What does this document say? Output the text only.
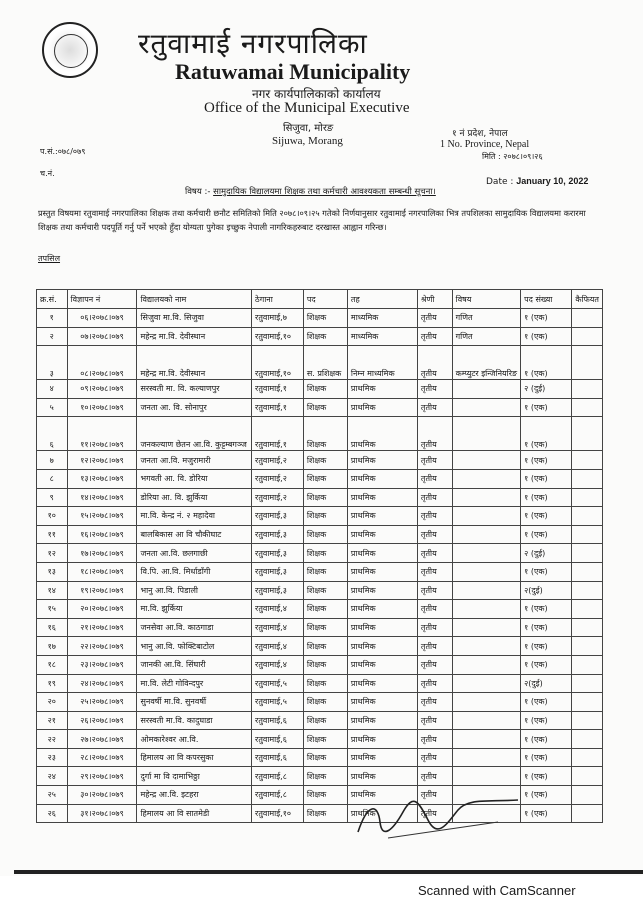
रतुवामाई नगरपालिका
Ratuwamai Municipality
नगर कार्यपालिकाको कार्यालय
Office of the Municipal Executive
सिजुवा, मोरङ
Sijuwa, Morang
१ नं प्रदेश, नेपाल
1 No. Province, Nepal
मिति : २०७८।०९।२६
प.सं.:०७८/०७९
च.नं.
Date : January 10, 2022
विषय :- सामुदायिक विद्यालयमा शिक्षक तथा कर्मचारी आवश्यकता सम्बन्धी सूचना।
प्रस्तुत विषयमा रतुवामाई नगरपालिका शिक्षक तथा कर्मचारी छनौट समितिको मिति २०७८।०९।२५ गतेको निर्णयानुसार रतुवामाई नगरपालिका भित्र तपशिलका सामुदायिक विद्यालयमा करारमा शिक्षक तथा कर्मचारी पदपूर्ति गर्नु पर्ने भएको हुँदा योग्यता पुगेका इच्छुक नेपाली नागरिकहरुबाट दरखास्त आह्वान गरिन्छ।
तपसिल
क्र.सं.	विज्ञापन नं	विद्यालयको नाम	ठेगाना	पद	तह	श्रेणी	विषय	पद संख्या	कैफियत
१	०६।२०७८।०७९	सिजुवा मा.वि. सिजुवा	रतुवामाई,७	शिक्षक	माध्यमिक	तृतीय	गणित	१ (एक)	
२	०७।२०७८।०७९	महेन्द्र मा.वि. देवीस्थान	रतुवामाई,१०	शिक्षक	माध्यमिक	तृतीय	गणित	१ (एक)	
३	०८।२०७८।०७९	महेन्द्र मा.वि. देवीस्थान	रतुवामाई,१०	स. प्रशिक्षक	निम्न माध्यमिक	तृतीय	कम्प्युटर इन्जिनियरिङ	१ (एक)	
४	०९।२०७८।०७९	सरस्वती मा. वि. कल्याणपुर	रतुवामाई,१	शिक्षक	प्राथमिक	तृतीय		२ (दुई)	
५	१०।२०७८।०७९	जनता आ. वि. सोनापुर	रतुवामाई,१	शिक्षक	प्राथमिक	तृतीय		१ (एक)	
६	११।२०७८।०७९	जनकल्याण छेतन आ.वि. कुट्टम्बगञ्ज	रतुवामाई,१	शिक्षक	प्राथमिक	तृतीय		१ (एक)	
७	१२।२०७८।०७९	जनता आ.वि. मजुरामारी	रतुवामाई,२	शिक्षक	प्राथमिक	तृतीय		१ (एक)	
८	१३।२०७८।०७९	भगवती आ. वि. डोरिया	रतुवामाई,२	शिक्षक	प्राथमिक	तृतीय		१ (एक)	
९	१४।२०७८।०७९	डोरिया आ. वि. झुर्किया	रतुवामाई,२	शिक्षक	प्राथमिक	तृतीय		१ (एक)	
१०	१५।२०७८।०७९	मा.वि. केन्द्र नं. २ महादेवा	रतुवामाई,३	शिक्षक	प्राथमिक	तृतीय		१ (एक)	
११	१६।२०७८।०७९	बालबिकास आ वि चौकीघाट	रतुवामाई,३	शिक्षक	प्राथमिक	तृतीय		१ (एक)	
१२	१७।२०७८।०७९	जनता आ.वि. छलगाछी	रतुवामाई,३	शिक्षक	प्राथमिक	तृतीय		२ (दुई)	
१३	१८।२०७८।०७९	वि.पि. आ.वि. मिर्धाडाँगी	रतुवामाई,३	शिक्षक	प्राथमिक	तृतीय		१ (एक)	
१४	१९।२०७८।०७९	भानु आ.वि. पिडाली	रतुवामाई,३	शिक्षक	प्राथमिक	तृतीय		२(दुई)	
१५	२०।२०७८।०७९	मा.वि. झुर्किया	रतुवामाई,४	शिक्षक	प्राथमिक	तृतीय		१ (एक)	
१६	२१।२०७८।०७९	जनसेवा आ.वि. काठगाडा	रतुवामाई,४	शिक्षक	प्राथमिक	तृतीय		१ (एक)	
१७	२२।२०७८।०७९	भानु आ.वि. फोक्टिबाटोल	रतुवामाई,४	शिक्षक	प्राथमिक	तृतीय		१ (एक)	
१८	२३।२०७८।०७९	जानकी आ.वि. सिंघारी	रतुवामाई,४	शिक्षक	प्राथमिक	तृतीय		१ (एक)	
१९	२४।२०७८।०७९	मा.वि. लेटी गोविन्दपुर	रतुवामाई,५	शिक्षक	प्राथमिक	तृतीय		२(दुई)	
२०	२५।२०७८।०७९	सुनवर्षी मा.वि. सुनवर्षी	रतुवामाई,५	शिक्षक	प्राथमिक	तृतीय		१ (एक)	
२१	२६।२०७८।०७९	सरस्वती मा.वि. कादुघाडा	रतुवामाई,६	शिक्षक	प्राथमिक	तृतीय		१ (एक)	
२२	२७।२०७८।०७९	ओमकारेश्वर आ.वि.	रतुवामाई,६	शिक्षक	प्राथमिक	तृतीय		१ (एक)	
२३	२८।२०७८।०७९	हिमालय आ वि कपरसुका	रतुवामाई,६	शिक्षक	प्राथमिक	तृतीय		१ (एक)	
२४	२९।२०७८।०७९	दुर्गा मा वि दामाभिठ्ठा	रतुवामाई,८	शिक्षक	प्राथमिक	तृतीय		१ (एक)	
२५	३०।२०७८।०७९	महेन्द्र आ.वि. इटहरा	रतुवामाई,८	शिक्षक	प्राथमिक	तृतीय		१ (एक)	
२६	३१।२०७८।०७९	हिमालय आ वि सातमेडी	रतुवामाई,१०	शिक्षक	प्राथमिक	तृतीय		१ (एक)	
Scanned with CamScanner
